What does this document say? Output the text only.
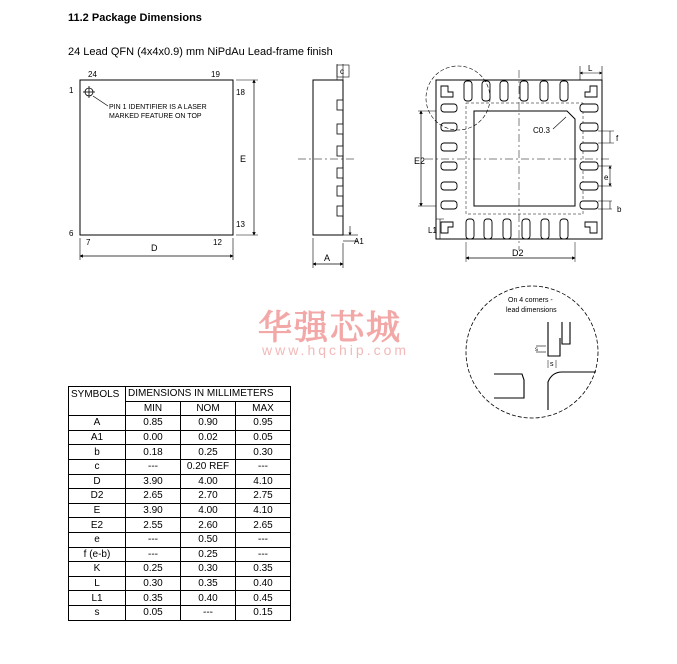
11.2 Package Dimensions
24 Lead QFN (4x4x0.9) mm NiPdAu Lead-frame finish
PIN 1 IDENTIFIER IS A LASER
MARKED FEATURE ON TOP
24	19
1	18
13
6
7	12
D
E
c
A1
A
C0.3
L
f
e
b
E2
L1
D2
On 4 corners -
lead dimensions
s
s
华强芯城
www.hqchip.com
SYMBOLS	DIMENSIONS IN MILLIMETERS		
	MIN	NOM	MAX
A	0.85	0.90	0.95
A1	0.00	0.02	0.05
b	0.18	0.25	0.30
c	---	0.20 REF	---
D	3.90	4.00	4.10
D2	2.65	2.70	2.75
E	3.90	4.00	4.10
E2	2.55	2.60	2.65
e	---	0.50	---
f (e-b)	---	0.25	---
K	0.25	0.30	0.35
L	0.30	0.35	0.40
L1	0.35	0.40	0.45
s	0.05	---	0.15
